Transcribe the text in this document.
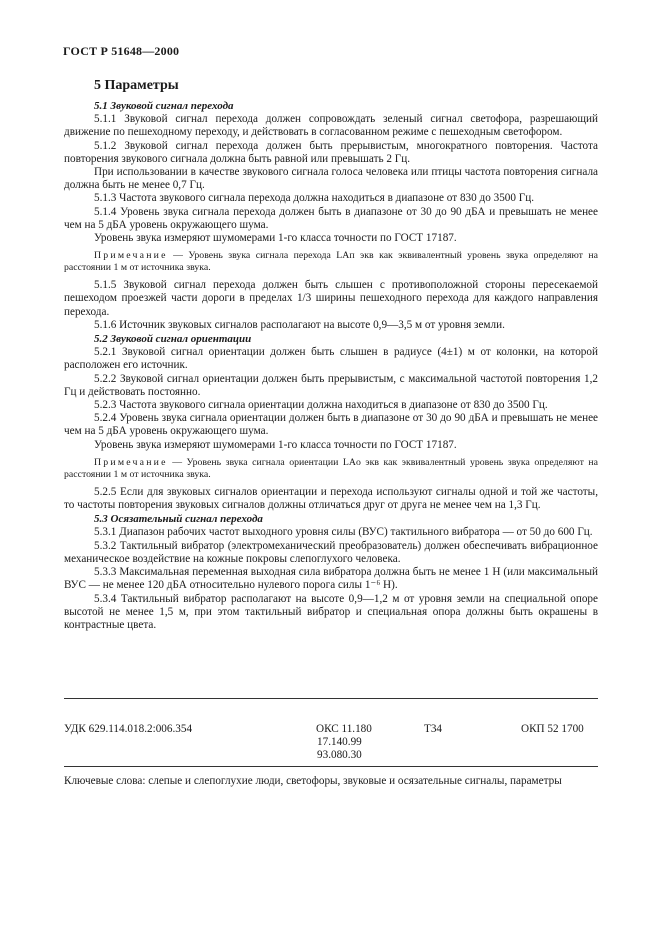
ГОСТ Р 51648—2000
5 Параметры
5.1 Звуковой сигнал перехода

5.1.1 Звуковой сигнал перехода должен сопровождать зеленый сигнал светофора, разрешающий движение по пешеходному переходу, и действовать в согласованном режиме с пешеходным светофором.

5.1.2 Звуковой сигнал перехода должен быть прерывистым, многократного повторения. Частота повторения звукового сигнала должна быть равной или превышать 2 Гц.

При использовании в качестве звукового сигнала голоса человека или птицы частота повторения сигнала должна быть не менее 0,7 Гц.

5.1.3 Частота звукового сигнала перехода должна находиться в диапазоне от 830 до 3500 Гц.

5.1.4 Уровень звука сигнала перехода должен быть в диапазоне от 30 до 90 дБА и превышать не менее чем на 5 дБА уровень окружающего шума.

Уровень звука измеряют шумомерами 1-го класса точности по ГОСТ 17187.

Примечание — Уровень звука сигнала перехода LAп экв как эквивалентный уровень звука определяют на расстоянии 1 м от источника звука.

5.1.5 Звуковой сигнал перехода должен быть слышен с противоположной стороны пересекаемой пешеходом проезжей части дороги в пределах 1/3 ширины пешеходного перехода для каждого направления перехода.

5.1.6 Источник звуковых сигналов располагают на высоте 0,9—3,5 м от уровня земли.

5.2 Звуковой сигнал ориентации

5.2.1 Звуковой сигнал ориентации должен быть слышен в радиусе (4±1) м от колонки, на которой расположен его источник.

5.2.2 Звуковой сигнал ориентации должен быть прерывистым, с максимальной частотой повторения 1,2 Гц и действовать постоянно.

5.2.3 Частота звукового сигнала ориентации должна находиться в диапазоне от 830 до 3500 Гц.

5.2.4 Уровень звука сигнала ориентации должен быть в диапазоне от 30 до 90 дБА и превышать не менее чем на 5 дБА уровень окружающего шума.

Уровень звука измеряют шумомерами 1-го класса точности по ГОСТ 17187.

Примечание — Уровень звука сигнала ориентации LAо экв как эквивалентный уровень звука определяют на расстоянии 1 м от источника звука.

5.2.5 Если для звуковых сигналов ориентации и перехода используют сигналы одной и той же частоты, то частоты повторения звуковых сигналов должны отличаться друг от друга не менее чем на 1,3 Гц.

5.3 Осязательный сигнал перехода

5.3.1 Диапазон рабочих частот выходного уровня силы (ВУС) тактильного вибратора — от 50 до 600 Гц.

5.3.2 Тактильный вибратор (электромеханический преобразователь) должен обеспечивать вибрационное механическое воздействие на кожные покровы слепоглухого человека.

5.3.3 Максимальная переменная выходная сила вибратора должна быть не менее 1 Н (или максимальный ВУС — не менее 120 дБА относительно нулевого порога силы 1⁻⁶ Н).

5.3.4 Тактильный вибратор располагают на высоте 0,9—1,2 м от уровня земли на специальной опоре высотой не менее 1,5 м, при этом тактильный вибратор и специальная опора должны быть окрашены в контрастные цвета.

УДК 629.114.018.2:006.354	ОКС 11.180
17.140.99
93.080.30
Т34	ОКП 52 1700

Ключевые слова: слепые и слепоглухие люди, светофоры, звуковые и осязательные сигналы, параметры
